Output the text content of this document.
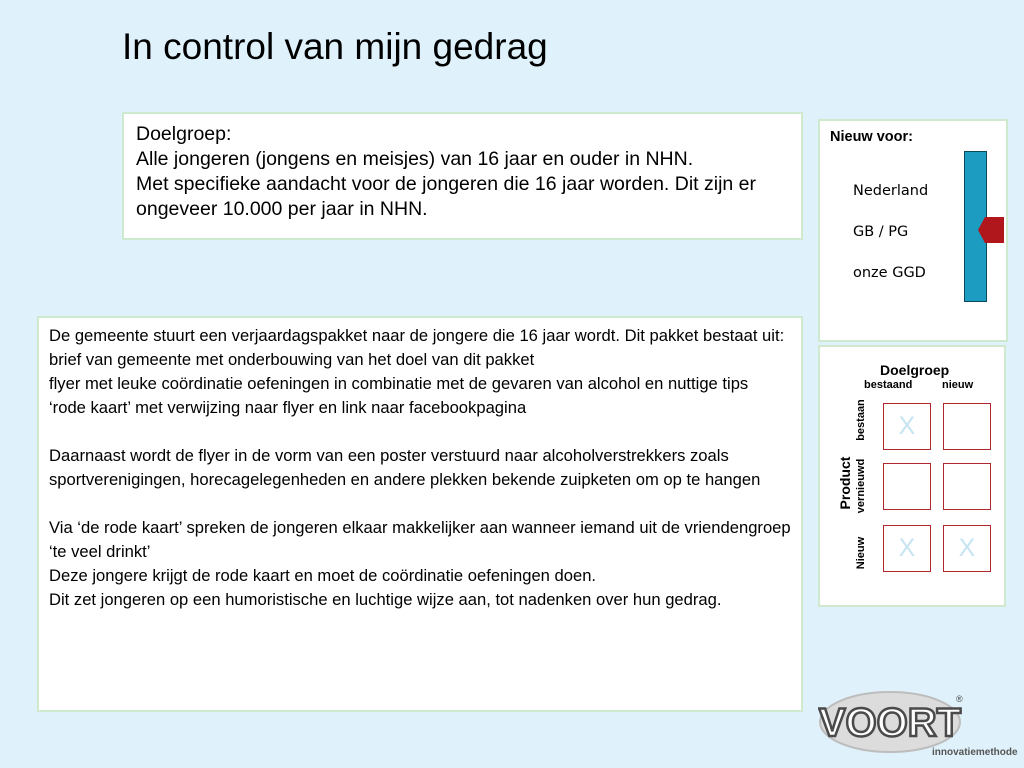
In control van mijn gedrag

Doelgroep:

Alle jongeren (jongens en meisjes) van 16 jaar en ouder in NHN.

Met specifieke aandacht voor de jongeren die 16 jaar worden. Dit zijn er ongeveer 10.000 per jaar in NHN.

De gemeente stuurt een verjaardagspakket naar de jongere die 16 jaar wordt. Dit pakket bestaat uit:

brief van gemeente met onderbouwing van het doel van dit pakket

flyer met leuke coördinatie oefeningen in combinatie met de gevaren van alcohol en nuttige tips

‘rode kaart’ met verwijzing naar flyer en link naar facebookpagina

Daarnaast wordt de flyer in de vorm van een poster verstuurd naar alcoholverstrekkers zoals sportverenigingen, horecagelegenheden en andere plekken bekende zuipketen om op te hangen

Via ‘de rode kaart’ spreken de jongeren elkaar makkelijker aan wanneer iemand uit de vriendengroep ‘te veel drinkt’

Deze jongere krijgt de rode kaart en moet de coördinatie oefeningen doen.

Dit zet jongeren op een humoristische en luchtige wijze aan, tot nadenken over hun gedrag.

Nieuw voor:
Nederland
GB / PG
onze GGD
Doelgroep
bestaand	nieuw
Product
bestaan
vernieuwd
Nieuw
X
X	X
VOORT
®
innovatiemethode
